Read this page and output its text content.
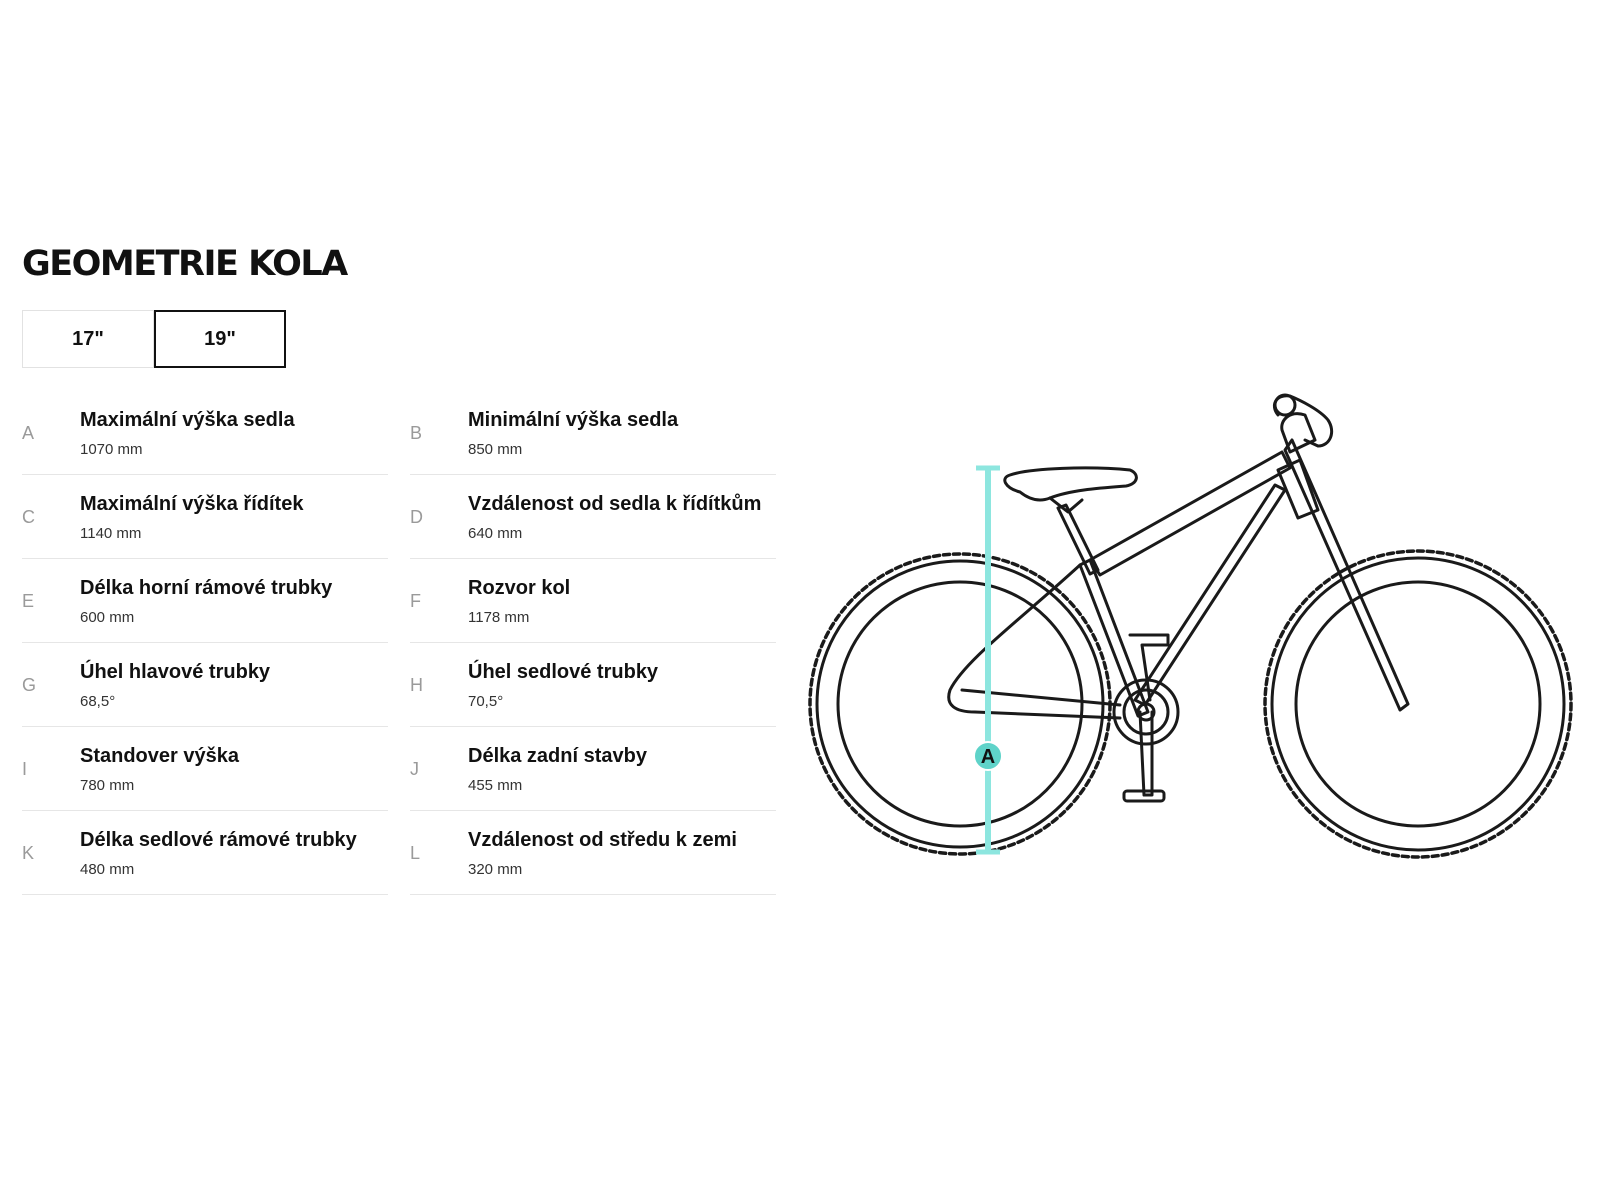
GEOMETRIE KOLA
17"	19"
A
Maximální výška sedla
1070 mm
B
Minimální výška sedla
850 mm
C
Maximální výška řídítek
1140 mm
D
Vzdálenost od sedla k řídítkům
640 mm
E
Délka horní rámové trubky
600 mm
F
Rozvor kol
1178 mm
G
Úhel hlavové trubky
68,5°
H
Úhel sedlové trubky
70,5°
I
Standover výška
780 mm
J
Délka zadní stavby
455 mm
K
Délka sedlové rámové trubky
480 mm
L
Vzdálenost od středu k zemi
320 mm
A
